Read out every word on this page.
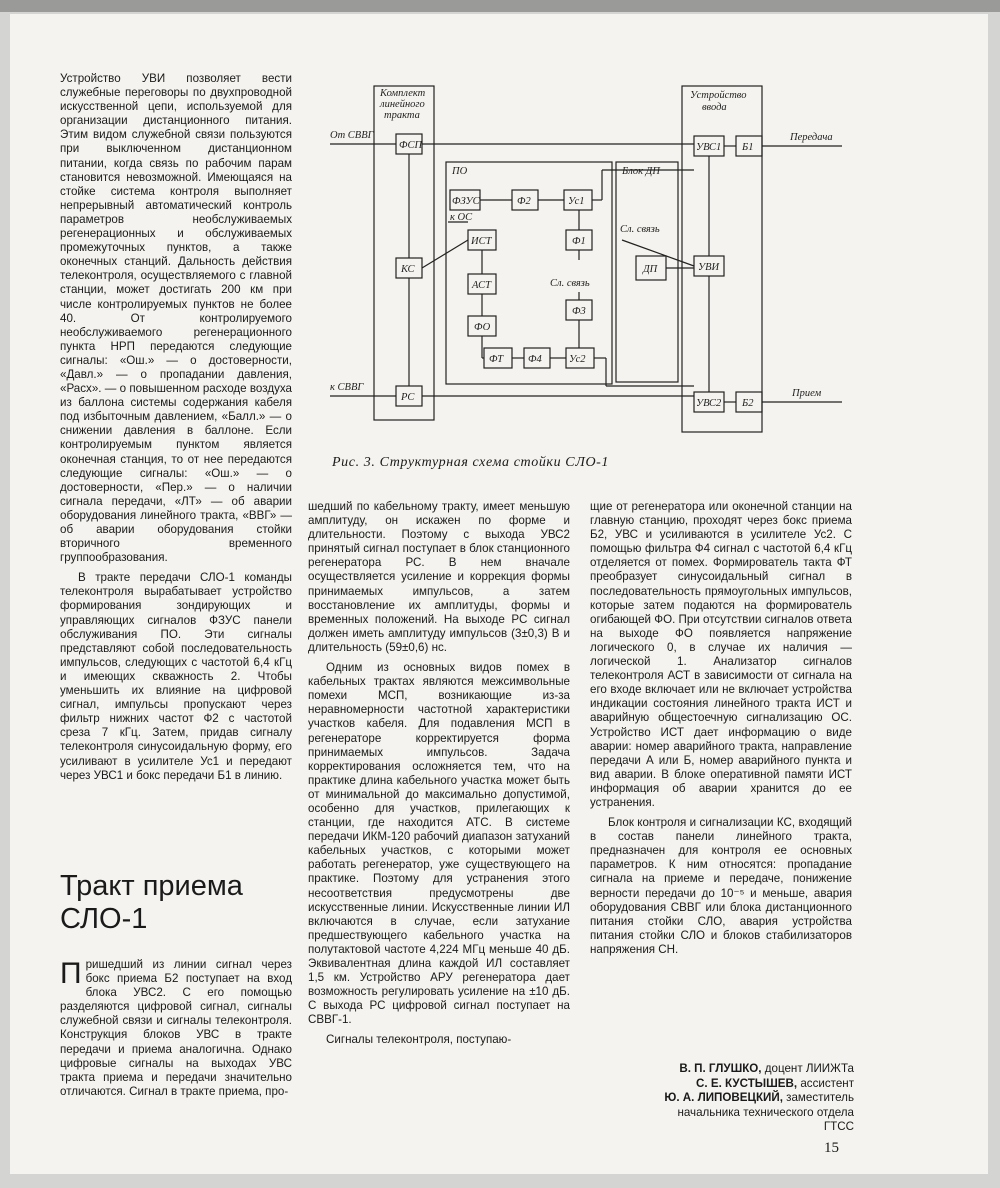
Устройство УВИ позволяет вести служебные переговоры по двухпроводной искусственной цепи, используемой для организации дистанционного питания. Этим видом служебной связи пользуются при выключенном дистанционном питании, когда связь по рабочим парам становится невозможной. Имеющаяся на стойке система контроля выполняет непрерывный автоматический контроль параметров необслуживаемых регенерационных и обслуживаемых промежуточных пунктов, а также оконечных станций. Дальность действия телеконтроля, осуществляемого с главной станции, может достигать 200 км при числе контролируемых пунктов не более 40. От контролируемого необслуживаемого регенерационного пункта НРП передаются следующие сигналы: «Ош.» — о достоверности, «Давл.» — о пропадании давления, «Расх». — о повышенном расходе воздуха из баллона системы содержания кабеля под избыточным давлением, «Балл.» — о снижении давления в баллоне. Если контролируемым пунктом является оконечная станция, то от нее передаются следующие сигналы: «Ош.» — о достоверности, «Пер.» — о наличии сигнала передачи, «ЛТ» — об аварии оборудования линейного тракта, «ВВГ» — об аварии оборудования стойки вторичного временного группообразования.

В тракте передачи СЛО-1 команды телеконтроля вырабатывает устройство формирования зондирующих и управляющих сигналов ФЗУС панели обслуживания ПО. Эти сигналы представляют собой последовательность импульсов, следующих с частотой 6,4 кГц и имеющих скважность 2. Чтобы уменьшить их влияние на цифровой сигнал, импульсы пропускают через фильтр нижних частот Ф2 с частотой среза 7 кГц. Затем, придав сигналу телеконтроля синусоидальную форму, его усиливают в усилителе Ус1 и передают через УВС1 и бокс передачи Б1 в линию.

Тракт приема
СЛО-1

Пришедший из линии сигнал через бокс приема Б2 поступает на вход блока УВС2. С его помощью разделяются цифровой сигнал, сигналы служебной связи и сигналы телеконтроля. Конструкция блоков УВС в тракте передачи и приема аналогична. Однако цифровые сигналы на выходах УВС тракта приема и передачи значительно отличаются. Сигнал в тракте приема, про-

Комплект
линейного
тракта
Устройство
ввода
ПО	Блок ДП
От СВВГ
к СВВГ
Передача
Прием
ФСП
КС
РС
ФЗУС	Ф2	Ус1
Ф1
к ОС
ИСТ
АСТ
ФО
Сл. связь
Ф3
ФТ Ф4	Ус2
Сл. связь
ДП
УВС1 Б1
УВИ
УВС2 Б2
Рис. 3. Структурная схема стойки СЛО-1

шедший по кабельному тракту, имеет меньшую амплитуду, он искажен по форме и длительности. Поэтому с выхода УВС2 принятый сигнал поступает в блок станционного регенератора РС. В нем вначале осуществляется усиление и коррекция формы принимаемых импульсов, а затем восстановление их амплитуды, формы и временных положений. На выходе РС сигнал должен иметь амплитуду импульсов (3±0,3) В и длительность (59±0,6) нс.

Одним из основных видов помех в кабельных трактах являются межсимвольные помехи МСП, возникающие из-за неравномерности частотной характеристики участков кабеля. Для подавления МСП в регенераторе корректируется форма принимаемых импульсов. Задача корректирования осложняется тем, что на практике длина кабельного участка может быть от минимальной до максимально допустимой, особенно для участков, прилегающих к станции, где находится АТС. В системе передачи ИКМ-120 рабочий диапазон затуханий кабельных участков, с которыми может работать регенератор, уже существующего на практике. Поэтому для устранения этого несоответствия предусмотрены две искусственные линии. Искусственные линии ИЛ включаются в случае, если затухание предшествующего кабельного участка на полутактовой частоте 4,224 МГц меньше 40 дБ. Эквивалентная длина каждой ИЛ составляет 1,5 км. Устройство АРУ регенератора дает возможность регулировать усиление на ±10 дБ. С выхода РС цифровой сигнал поступает на СВВГ-1.

Сигналы телеконтроля, поступаю-

щие от регенератора или оконечной станции на главную станцию, проходят через бокс приема Б2, УВС и усиливаются в усилителе Ус2. С помощью фильтра Ф4 сигнал с частотой 6,4 кГц отделяется от помех. Формирователь такта ФТ преобразует синусоидальный сигнал в последовательность прямоугольных импульсов, которые затем подаются на формирователь огибающей ФО. При отсутствии сигналов ответа на выходе ФО появляется напряжение логического 0, в случае их наличия — логической 1. Анализатор сигналов телеконтроля АСТ в зависимости от сигнала на его входе включает или не включает устройства индикации состояния линейного тракта ИСТ и аварийную общестоечную сигнализацию ОС. Устройство ИСТ дает информацию о виде аварии: номер аварийного тракта, направление передачи А или Б, номер аварийного пункта и вид аварии. В блоке оперативной памяти ИСТ информация об аварии хранится до ее устранения.

Блок контроля и сигнализации КС, входящий в состав панели линейного тракта, предназначен для контроля ее основных параметров. К ним относятся: пропадание сигнала на приеме и передаче, понижение верности передачи до 10⁻⁵ и меньше, авария оборудования СВВГ или блока дистанционного питания стойки СЛО, авария устройства питания стойки СЛО и блоков стабилизаторов напряжения СН.

В. П. ГЛУШКО, доцент ЛИИЖТа
С. Е. КУСТЫШЕВ, ассистент
Ю. А. ЛИПОВЕЦКИЙ, заместитель
начальника технического отдела
ГТСС
15
